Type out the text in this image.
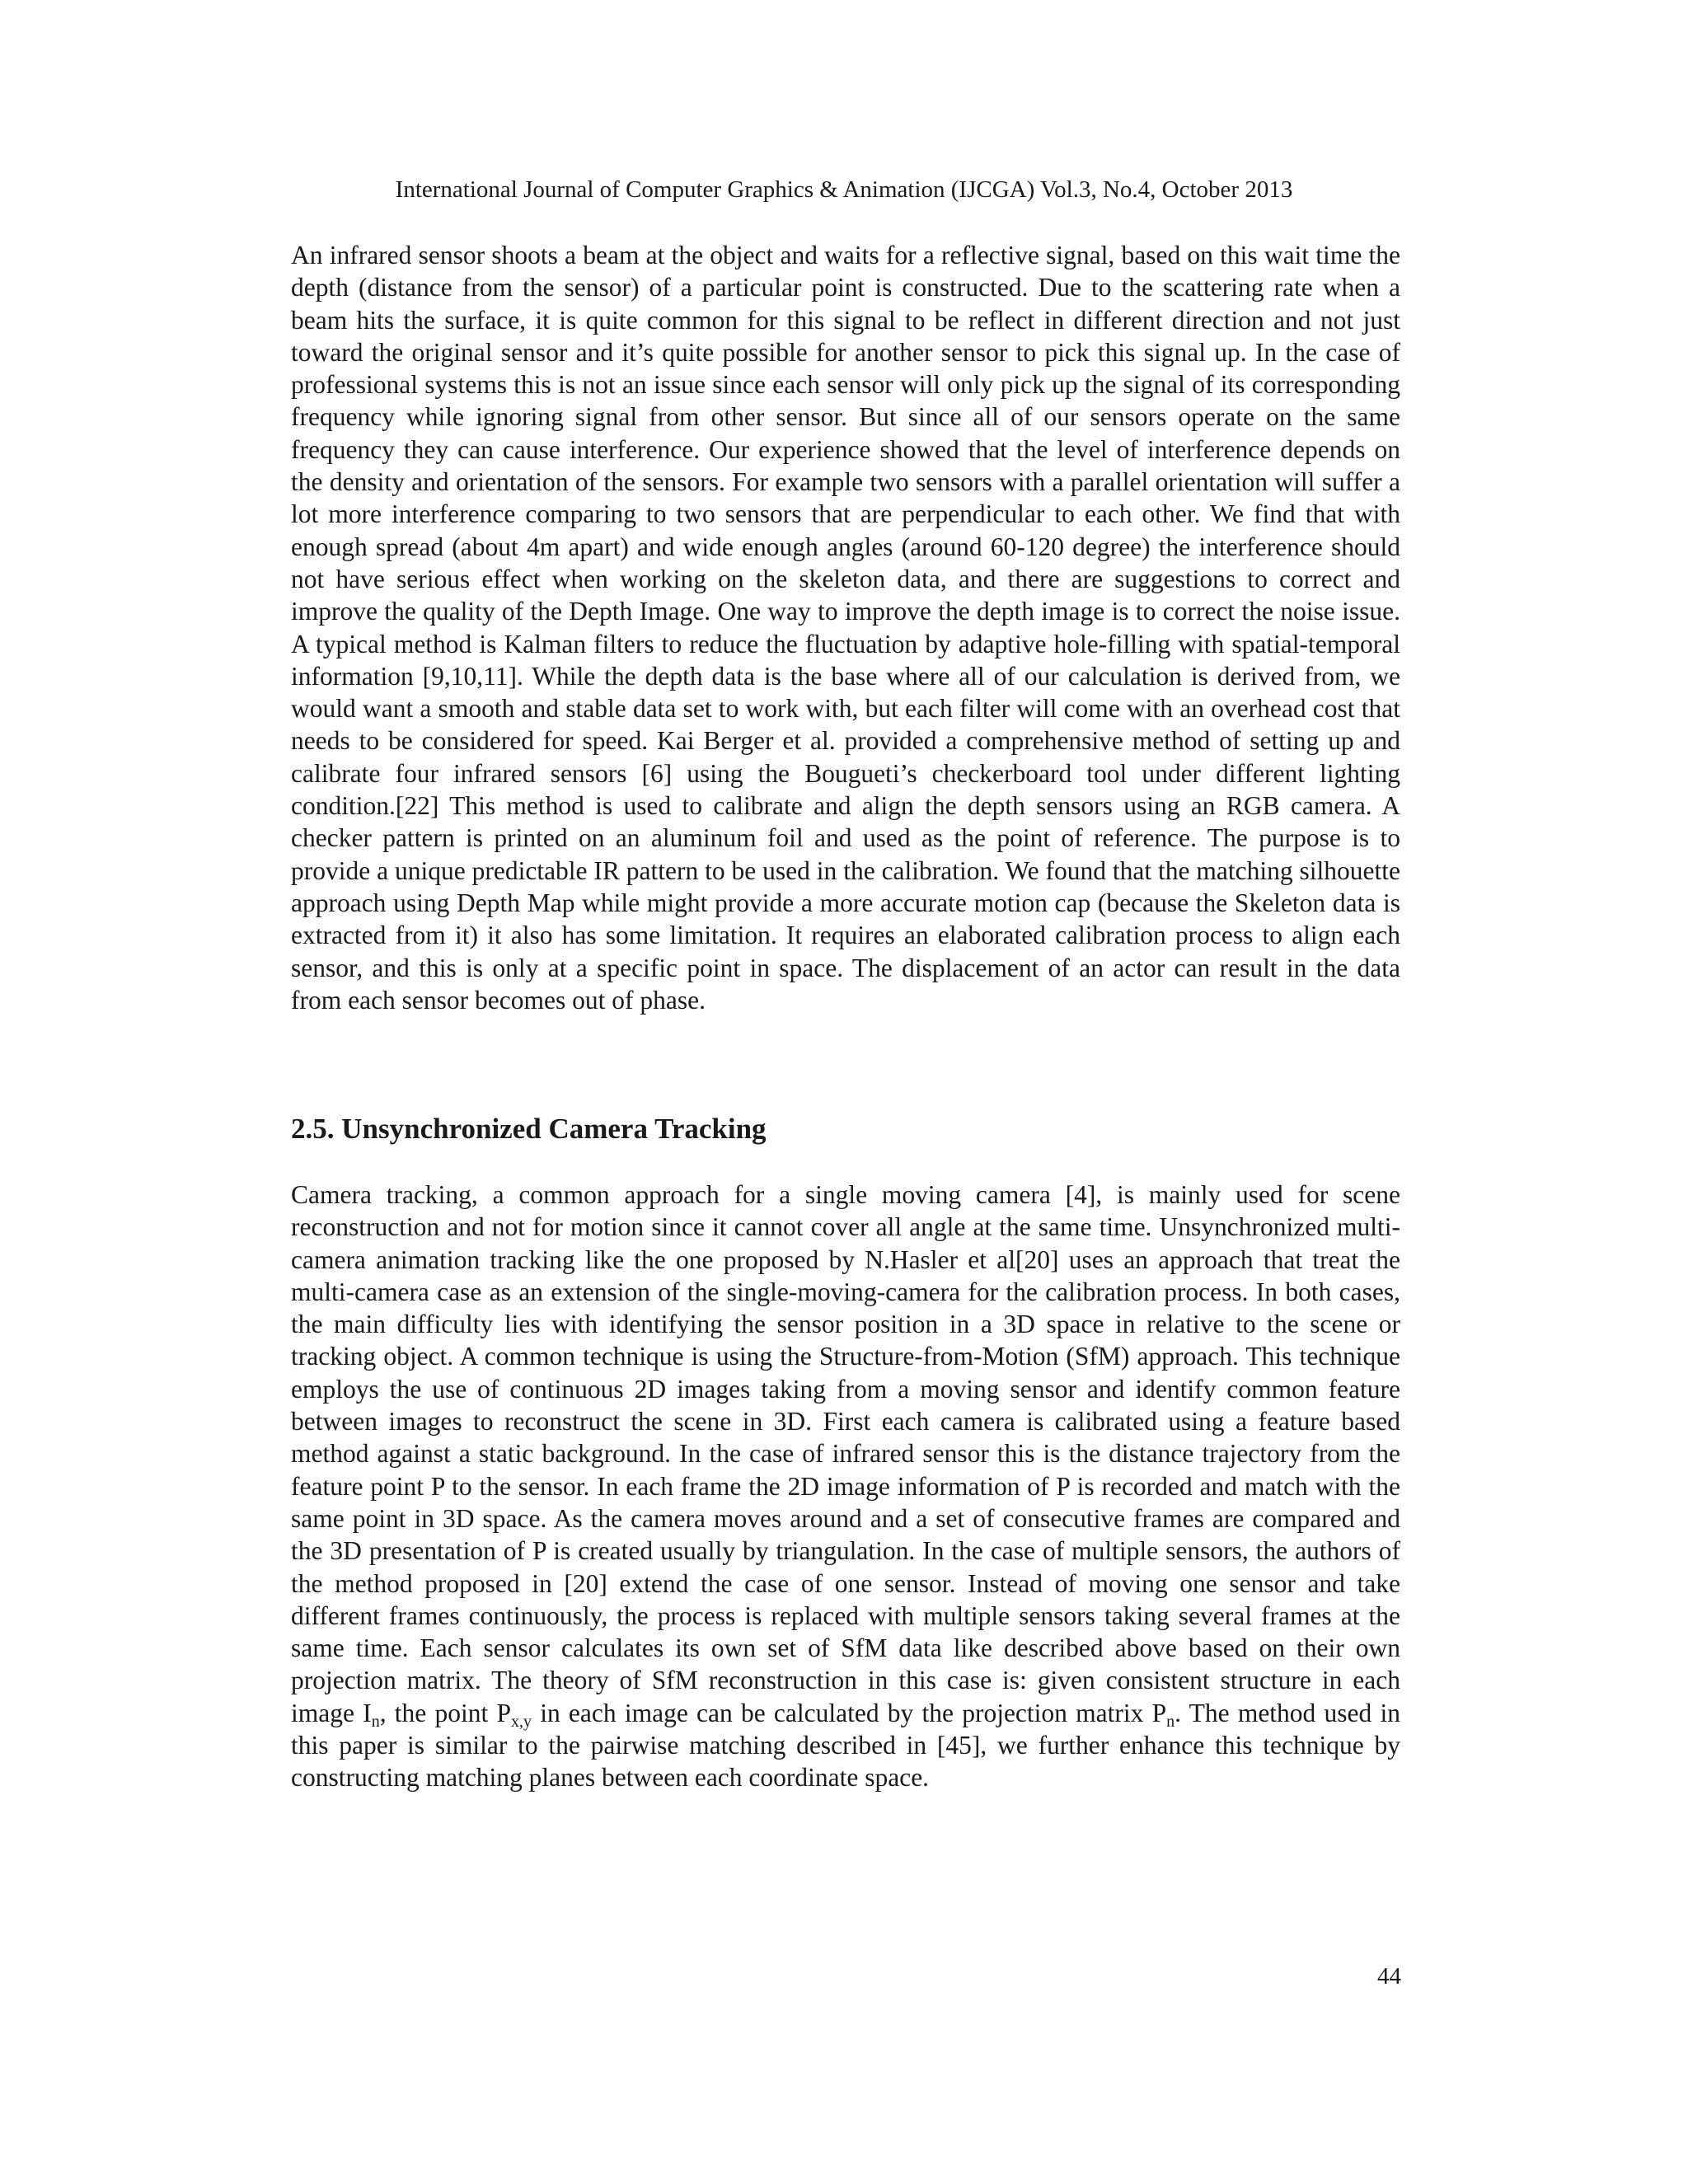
International Journal of Computer Graphics & Animation (IJCGA) Vol.3, No.4, October 2013

An infrared sensor shoots a beam at the object and waits for a reflective signal, based on this wait time the depth (distance from the sensor) of a particular point is constructed. Due to the scattering rate when a beam hits the surface, it is quite common for this signal to be reflect in different direction and not just toward the original sensor and it’s quite possible for another sensor to pick this signal up. In the case of professional systems this is not an issue since each sensor will only pick up the signal of its corresponding frequency while ignoring signal from other sensor. But since all of our sensors operate on the same frequency they can cause interference. Our experience showed that the level of interference depends on the density and orientation of the sensors. For example two sensors with a parallel orientation will suffer a lot more interference comparing to two sensors that are perpendicular to each other. We find that with enough spread (about 4m apart) and wide enough angles (around 60-120 degree) the interference should not have serious effect when working on the skeleton data, and there are suggestions to correct and improve the quality of the Depth Image. One way to improve the depth image is to correct the noise issue. A typical method is Kalman filters to reduce the fluctuation by adaptive hole-filling with spatial-temporal information [9,10,11]. While the depth data is the base where all of our calculation is derived from, we would want a smooth and stable data set to work with, but each filter will come with an overhead cost that needs to be considered for speed. Kai Berger et al. provided a comprehensive method of setting up and calibrate four infrared sensors [6] using the Bougueti’s checkerboard tool under different lighting condition.[22] This method is used to calibrate and align the depth sensors using an RGB camera. A checker pattern is printed on an aluminum foil and used as the point of reference. The purpose is to provide a unique predictable IR pattern to be used in the calibration. We found that the matching silhouette approach using Depth Map while might provide a more accurate motion cap (because the Skeleton data is extracted from it) it also has some limitation. It requires an elaborated calibration process to align each sensor, and this is only at a specific point in space. The displacement of an actor can result in the data from each sensor becomes out of phase.

2.5. Unsynchronized Camera Tracking

Camera tracking, a common approach for a single moving camera [4], is mainly used for scene reconstruction and not for motion since it cannot cover all angle at the same time. Unsynchronized multi-camera animation tracking like the one proposed by N.Hasler et al[20] uses an approach that treat the multi-camera case as an extension of the single-moving-camera for the calibration process. In both cases, the main difficulty lies with identifying the sensor position in a 3D space in relative to the scene or tracking object. A common technique is using the Structure-from-Motion (SfM) approach. This technique employs the use of continuous 2D images taking from a moving sensor and identify common feature between images to reconstruct the scene in 3D. First each camera is calibrated using a feature based method against a static background. In the case of infrared sensor this is the distance trajectory from the feature point P to the sensor. In each frame the 2D image information of P is recorded and match with the same point in 3D space. As the camera moves around and a set of consecutive frames are compared and the 3D presentation of P is created usually by triangulation. In the case of multiple sensors, the authors of the method proposed in [20] extend the case of one sensor. Instead of moving one sensor and take different frames continuously, the process is replaced with multiple sensors taking several frames at the same time. Each sensor calculates its own set of SfM data like described above based on their own projection matrix. The theory of SfM reconstruction in this case is: given consistent structure in each image $I_n$, the point $P_{x,y}$ in each image can be calculated by the projection matrix $P_n$. The method used in this paper is similar to the pairwise matching described in [45], we further enhance this technique by constructing matching planes between each coordinate space.

44
